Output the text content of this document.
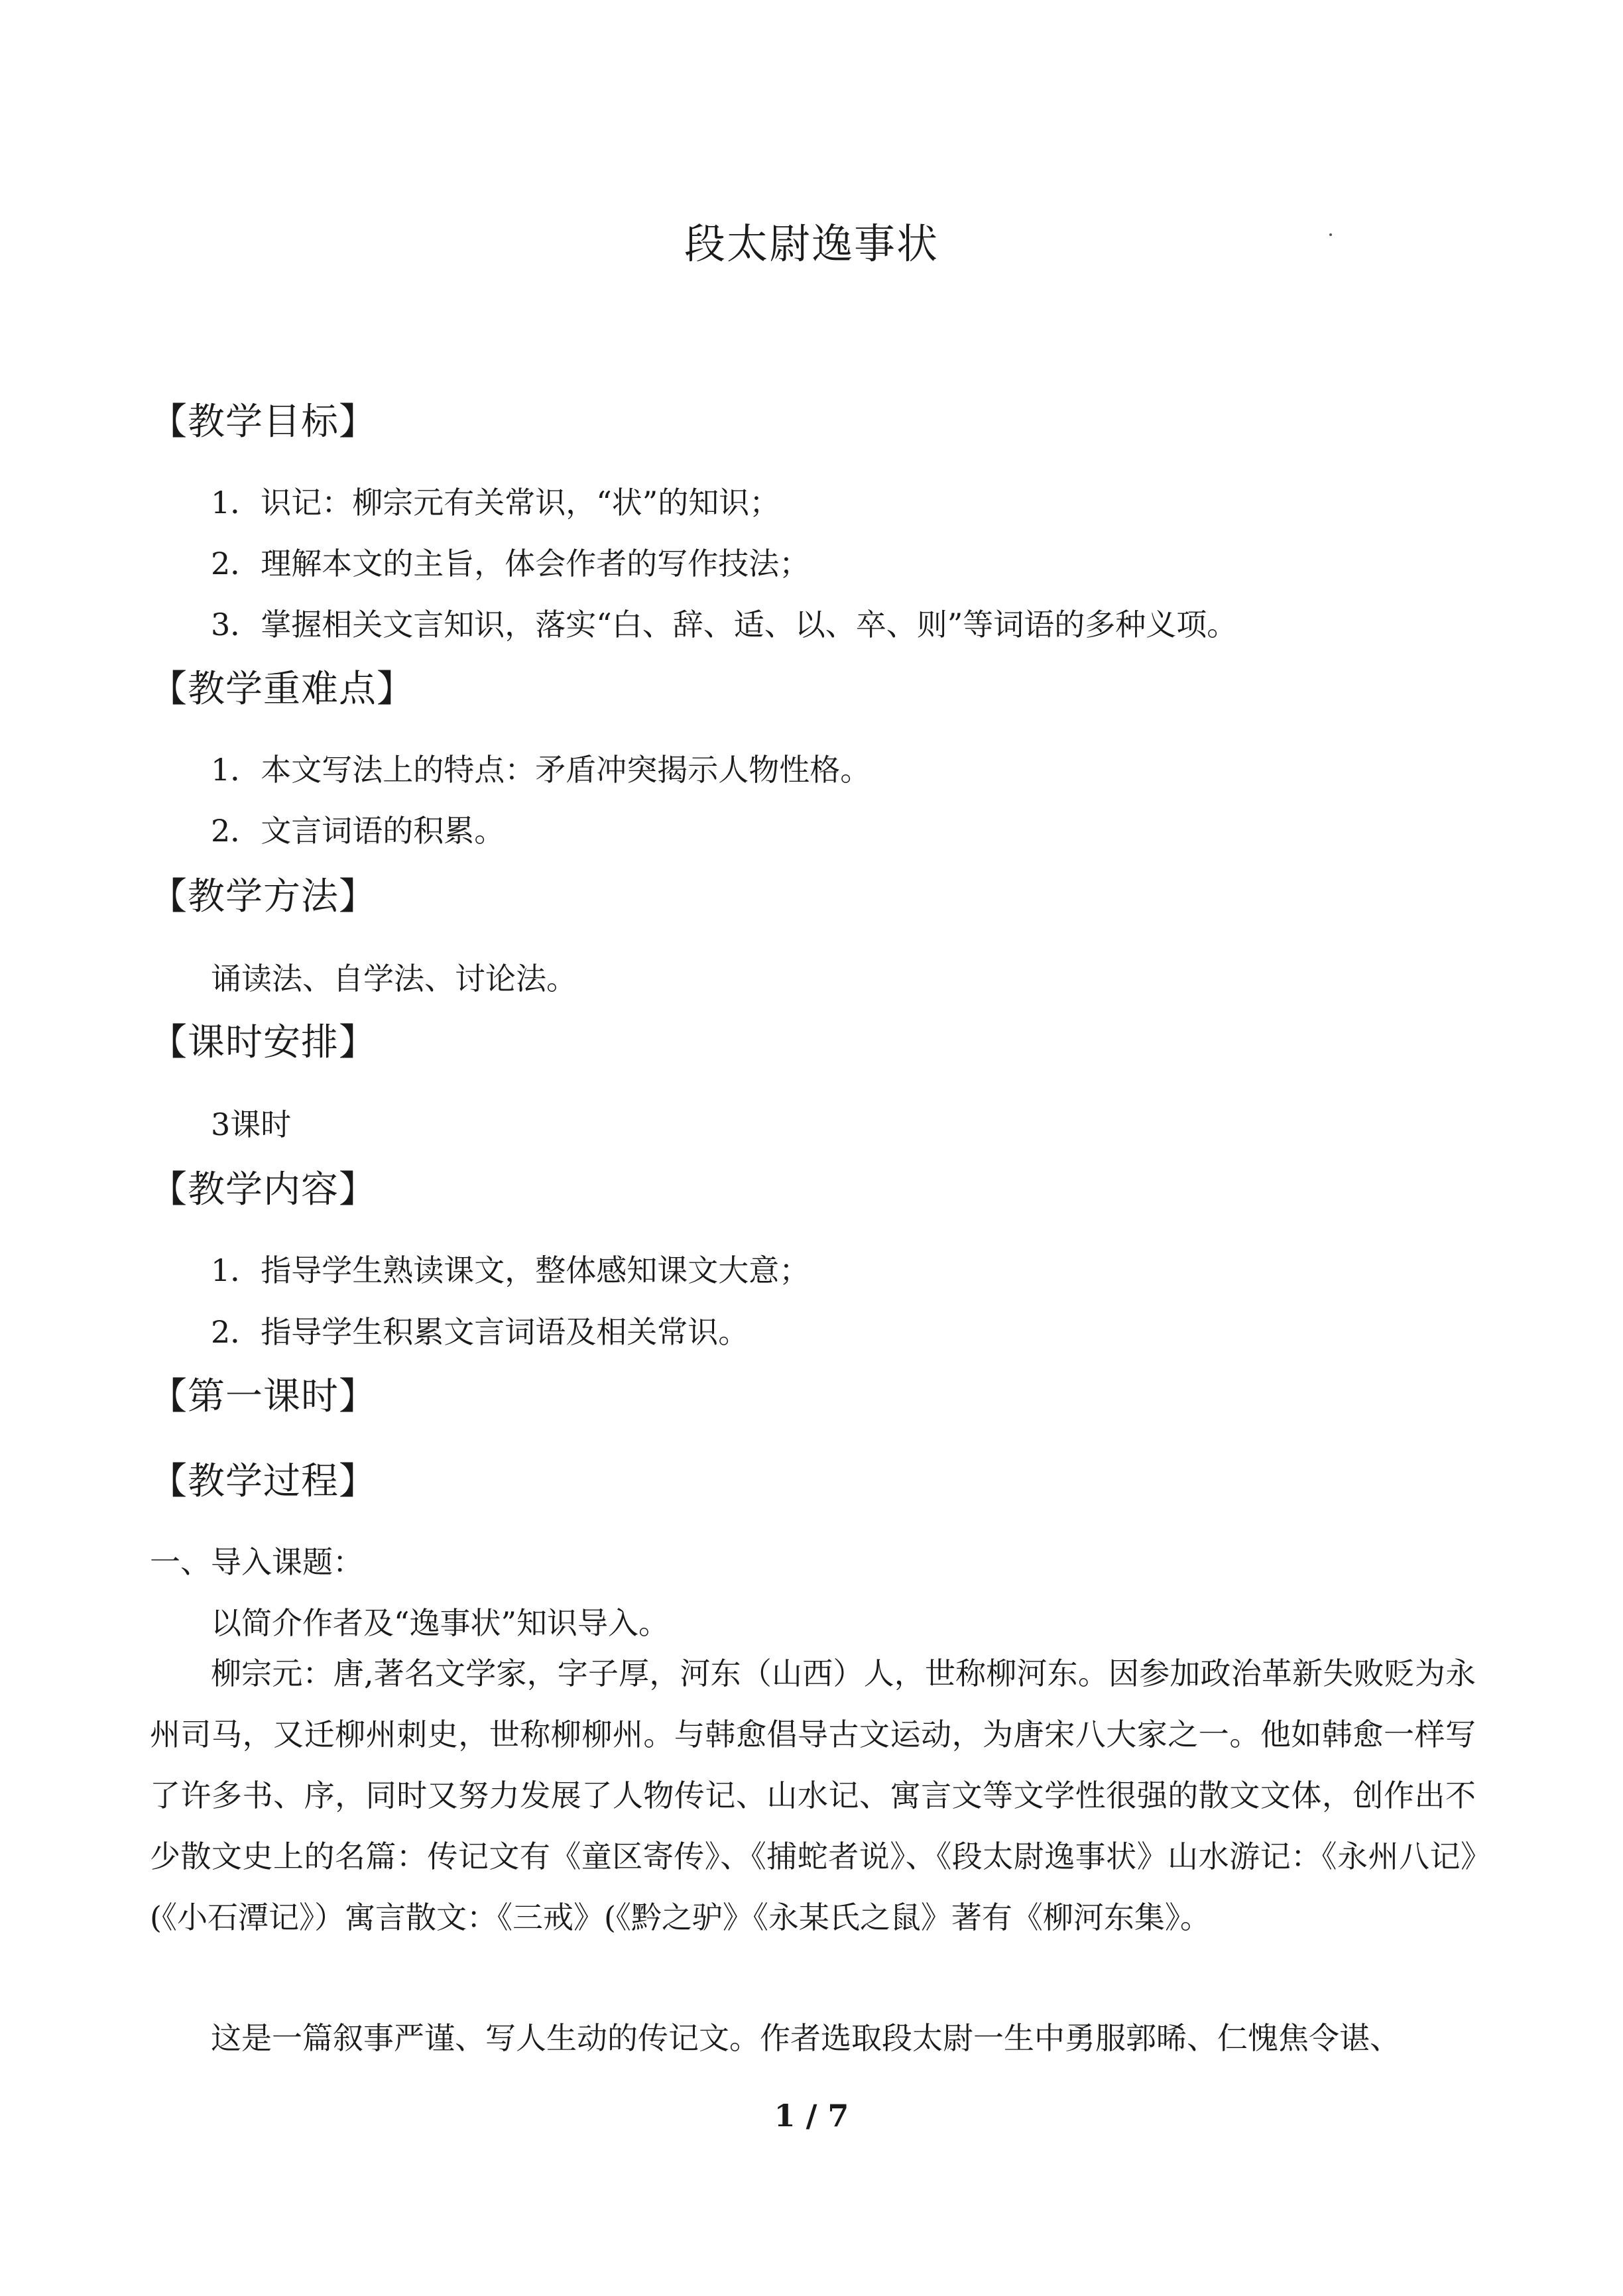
段太尉逸事状
【教学目标】
1．识记：柳宗元有关常识，“状”的知识；
2．理解本文的主旨，体会作者的写作技法；
3．掌握相关文言知识，落实“白、辞、适、以、卒、则”等词语的多种义项。
【教学重难点】
1．本文写法上的特点：矛盾冲突揭示人物性格。
2．文言词语的积累。
【教学方法】
诵读法、自学法、讨论法。
【课时安排】
3课时
【教学内容】
1．指导学生熟读课文，整体感知课文大意；
2．指导学生积累文言词语及相关常识。
【第一课时】
【教学过程】
一、导入课题：
以简介作者及“逸事状”知识导入。
柳宗元：唐,著名文学家，字子厚，河东（山西）人，世称柳河东。因参加政治革新失败贬为永州司马，又迁柳州刺史，世称柳柳州。与韩愈倡导古文运动，为唐宋八大家之一。他如韩愈一样写了许多书、序，同时又努力发展了人物传记、山水记、寓言文等文学性很强的散文文体，创作出不少散文史上的名篇：传记文有《童区寄传》、《捕蛇者说》、《段太尉逸事状》山水游记：《永州八记》(《小石潭记》）寓言散文：《三戒》(《黔之驴》《永某氏之鼠》著有《柳河东集》。
这是一篇叙事严谨、写人生动的传记文。作者选取段太尉一生中勇服郭晞、仁愧焦令谌、
1 / 7
